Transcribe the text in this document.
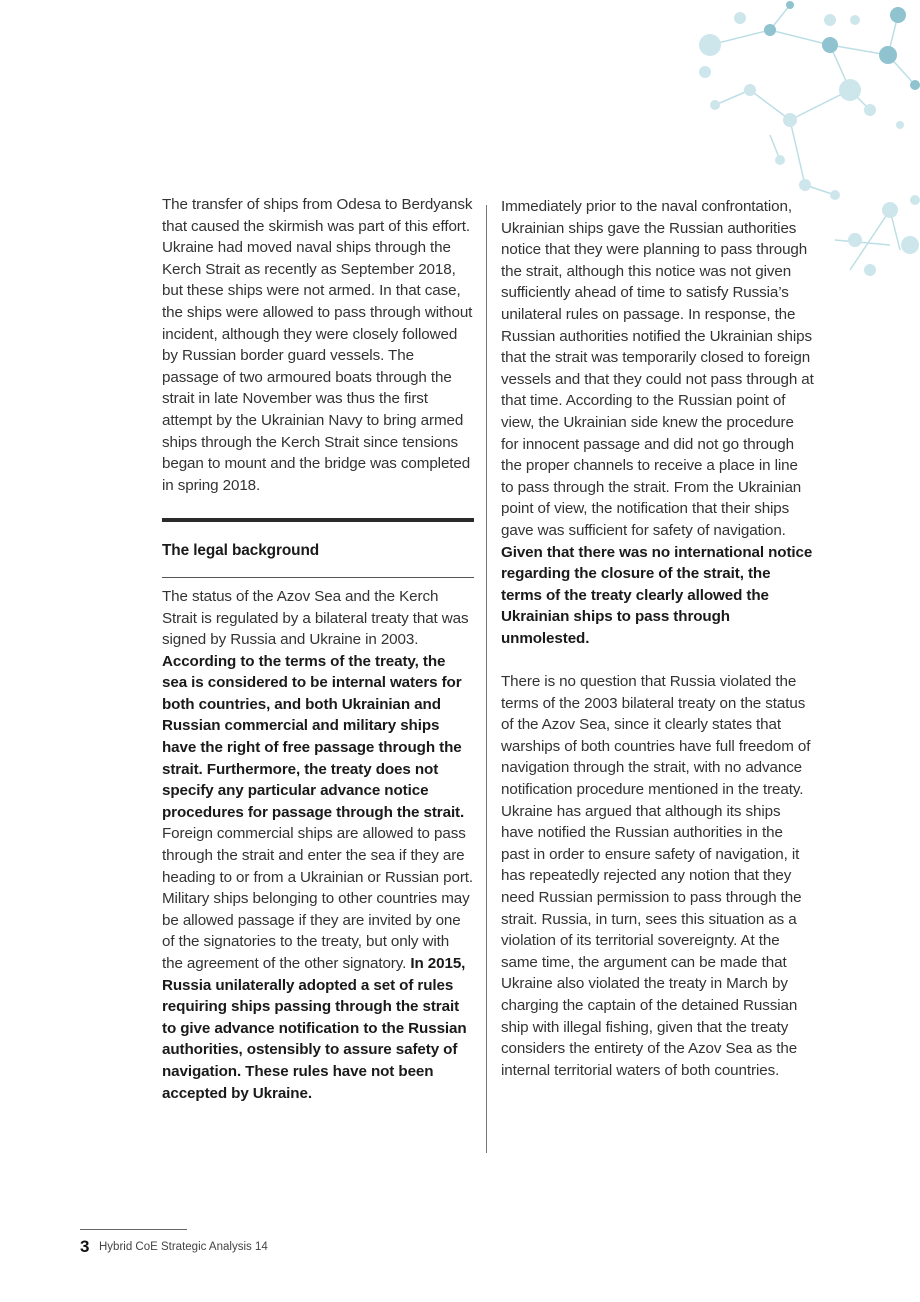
The transfer of ships from Odesa to Berdyansk that caused the skirmish was part of this effort. Ukraine had moved naval ships through the Kerch Strait as recently as September 2018, but these ships were not armed. In that case, the ships were allowed to pass through without incident, although they were closely followed by Russian border guard vessels. The passage of two armoured boats through the strait in late November was thus the first attempt by the Ukrainian Navy to bring armed ships through the Kerch Strait since tensions began to mount and the bridge was completed in spring 2018.

The legal background

The status of the Azov Sea and the Kerch Strait is regulated by a bilateral treaty that was signed by Russia and Ukraine in 2003. According to the terms of the treaty, the sea is considered to be internal waters for both countries, and both Ukrainian and Russian commercial and military ships have the right of free passage through the strait. Furthermore, the treaty does not specify any particular advance notice procedures for passage through the strait. Foreign commercial ships are allowed to pass through the strait and enter the sea if they are heading to or from a Ukrainian or Russian port. Military ships belonging to other countries may be allowed passage if they are invited by one of the signatories to the treaty, but only with the agreement of the other signatory. In 2015, Russia unilaterally adopted a set of rules requiring ships passing through the strait to give advance notification to the Russian authorities, ostensibly to assure safety of navigation. These rules have not been accepted by Ukraine.

Immediately prior to the naval confrontation, Ukrainian ships gave the Russian authorities notice that they were planning to pass through the strait, although this notice was not given sufficiently ahead of time to satisfy Russia’s unilateral rules on passage. In response, the Russian authorities notified the Ukrainian ships that the strait was temporarily closed to foreign vessels and that they could not pass through at that time. According to the Russian point of view, the Ukrainian side knew the procedure for innocent passage and did not go through the proper channels to receive a place in line to pass through the strait. From the Ukrainian point of view, the notification that their ships gave was sufficient for safety of navigation. Given that there was no international notice regarding the closure of the strait, the terms of the treaty clearly allowed the Ukrainian ships to pass through unmolested.

There is no question that Russia violated the terms of the 2003 bilateral treaty on the status of the Azov Sea, since it clearly states that warships of both countries have full freedom of navigation through the strait, with no advance notification procedure mentioned in the treaty. Ukraine has argued that although its ships have notified the Russian authorities in the past in order to ensure safety of navigation, it has repeatedly rejected any notion that they need Russian permission to pass through the strait. Russia, in turn, sees this situation as a violation of its territorial sovereignty. At the same time, the argument can be made that Ukraine also violated the treaty in March by charging the captain of the detained Russian ship with illegal fishing, given that the treaty considers the entirety of the Azov Sea as the internal territorial waters of both countries.

3 Hybrid CoE Strategic Analysis 14
